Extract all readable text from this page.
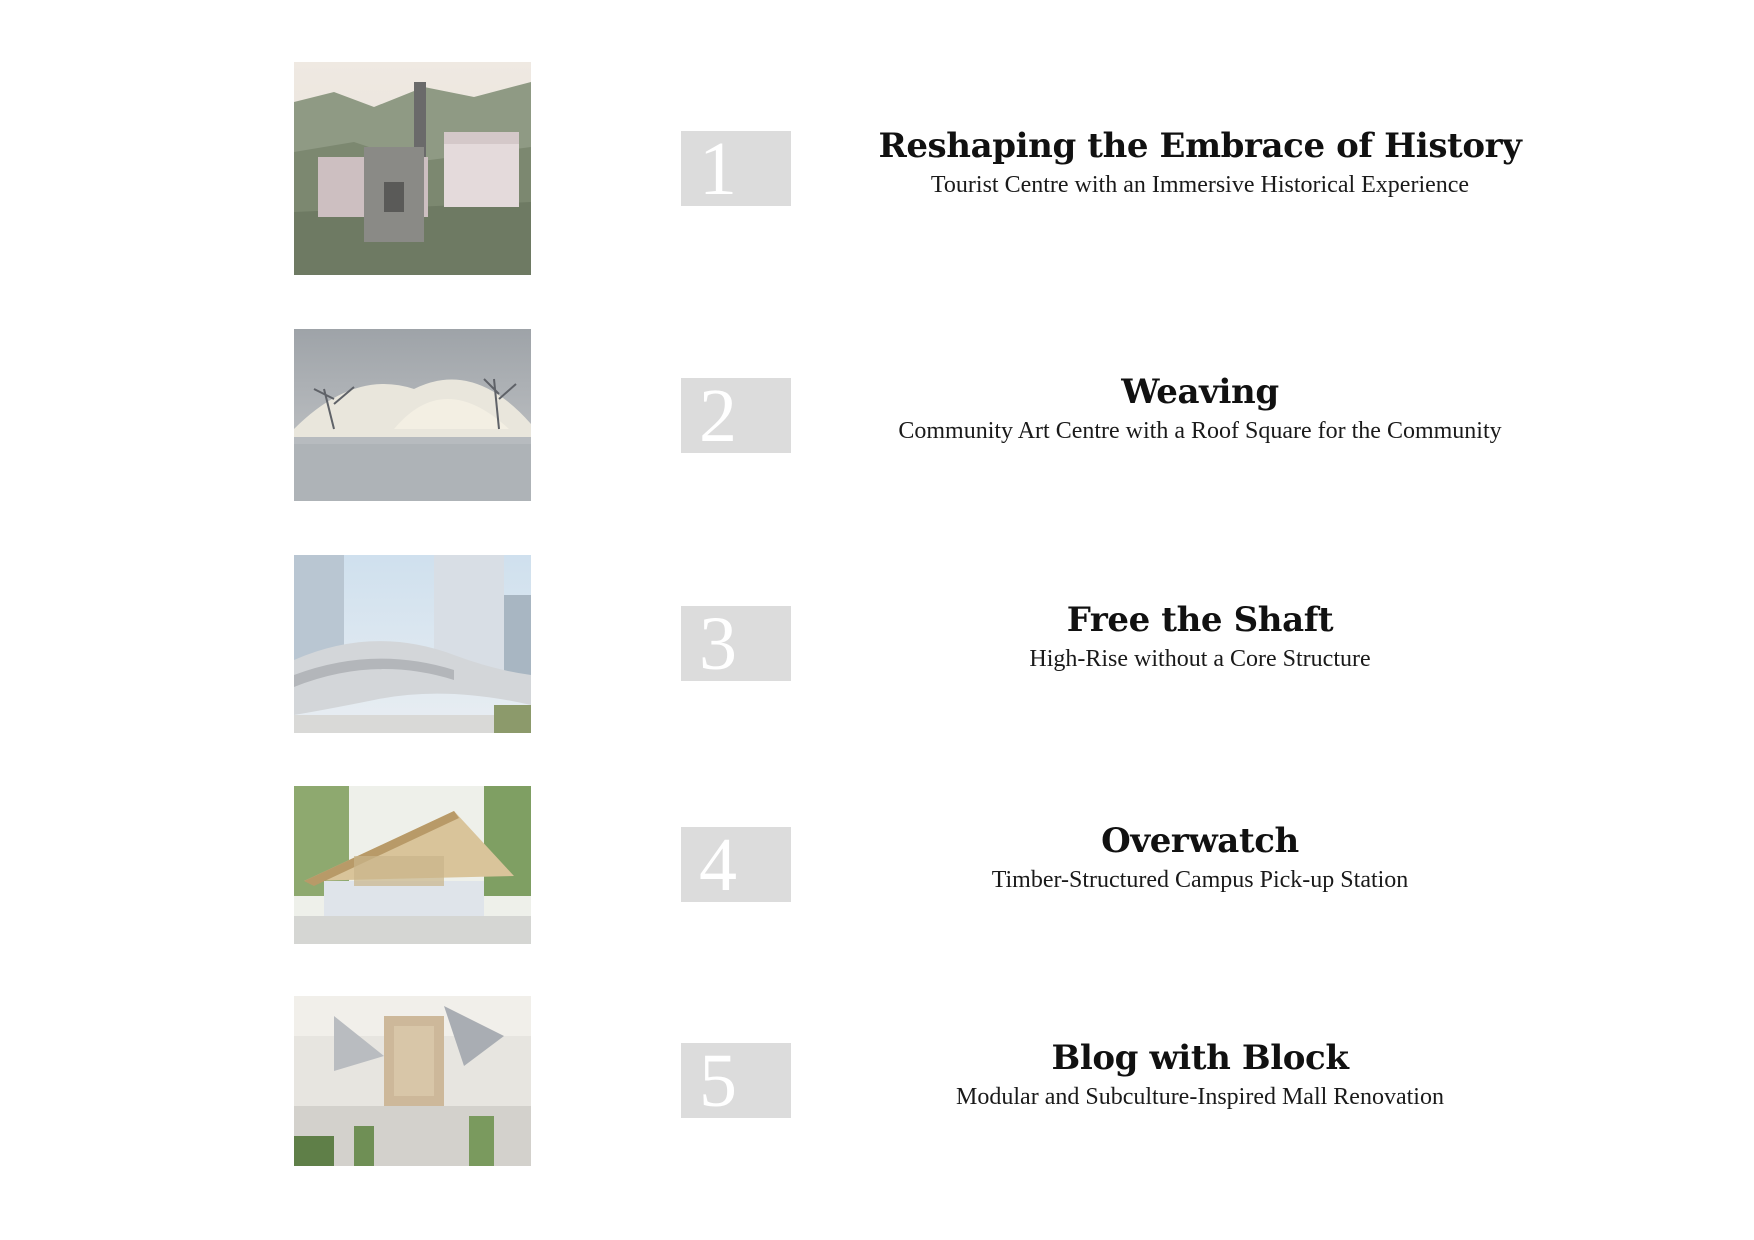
1	Reshaping the Embrace of History
Tourist Centre with an Immersive Historical Experience
2	Weaving
Community Art Centre with a Roof Square for the Community
3	Free the Shaft
High-Rise without a Core Structure
4	Overwatch
Timber-Structured Campus Pick-up Station
5	Blog with Block
Modular and Subculture-Inspired Mall Renovation
